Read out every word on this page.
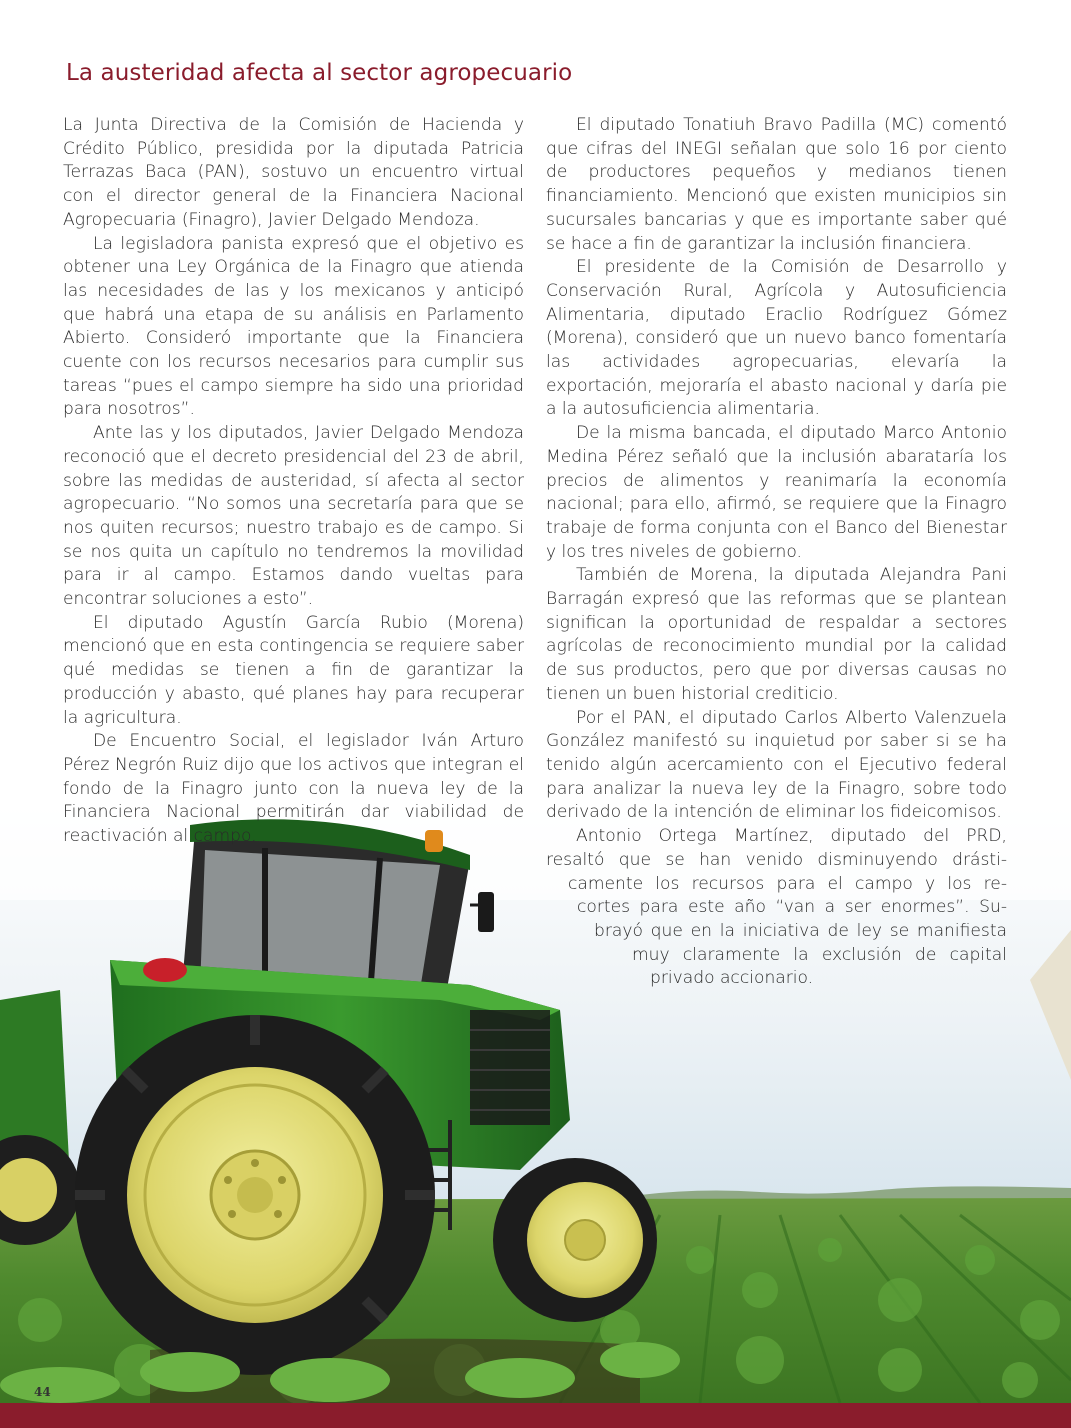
La austeridad afecta al sector agropecuario

La Junta Directiva de la Comisión de Hacienda y Crédito Público, presidida por la diputada Patricia Terrazas Baca (PAN), sostuvo un encuentro virtual con el director general de la Financiera Nacional Agropecuaria (Finagro), Javier Delgado Mendoza.

La legisladora panista expresó que el objetivo es obtener una Ley Orgánica de la Finagro que atienda las necesidades de las y los mexicanos y anticipó que habrá una etapa de su análisis en Parlamento Abierto. Consideró importante que la Financiera cuente con los recursos necesarios para cumplir sus tareas “pues el campo siempre ha sido una prioridad para nosotros”.

Ante las y los diputados, Javier Delgado Mendoza reconoció que el decreto presidencial del 23 de abril, sobre las medidas de austeridad, sí afecta al sector agropecuario. “No somos una secretaría para que se nos quiten recursos; nuestro trabajo es de campo. Si se nos quita un capítulo no tendremos la movilidad para ir al campo. Estamos dando vueltas para encontrar soluciones a esto”.

El diputado Agustín García Rubio (Morena) mencionó que en esta contingencia se requiere saber qué medidas se tienen a fin de garantizar la producción y abasto, qué planes hay para recuperar la agricultura.

De Encuentro Social, el legislador Iván Arturo Pérez Negrón Ruiz dijo que los activos que integran el fondo de la Finagro junto con la nueva ley de la Financiera Nacional permitirán dar viabilidad de reactivación al campo.

El diputado Tonatiuh Bravo Padilla (MC) comentó que cifras del INEGI señalan que solo 16 por ciento de productores pequeños y medianos tienen financiamiento. Mencionó que existen municipios sin sucursales bancarias y que es importante saber qué se hace a fin de garantizar la inclusión financiera.

El presidente de la Comisión de Desarrollo y Conservación Rural, Agrícola y Autosuficiencia Alimentaria, diputado Eraclio Rodríguez Gómez (Morena), consideró que un nuevo banco fomentaría las actividades agropecuarias, elevaría la exportación, mejoraría el abasto nacional y daría pie a la autosuficiencia alimentaria.

De la misma bancada, el diputado Marco Antonio Medina Pérez señaló que la inclusión abarataría los precios de alimentos y reanimaría la economía nacional; para ello, afirmó, se requiere que la Finagro trabaje de forma conjunta con el Banco del Bienestar y los tres niveles de gobierno.

También de Morena, la diputada Alejandra Pani Barragán expresó que las reformas que se plantean significan la oportunidad de respaldar a sectores agrícolas de reconocimiento mundial por la calidad de sus productos, pero que por diversas causas no tienen un buen historial crediticio.

Por el PAN, el diputado Carlos Alberto Valenzuela González manifestó su inquietud por saber si se ha tenido algún acercamiento con el Ejecutivo federal para analizar la nueva ley de la Finagro, sobre todo derivado de la intención de eliminar los fideicomisos.

Antonio Ortega Martínez, diputado del PRD,
resaltó que se han venido disminuyendo drásti-
camente los recursos para el campo y los re-
cortes para este año “van a ser enormes”. Su-
brayó que en la iniciativa de ley se manifiesta
muy claramente la exclusión de capital
privado accionario.
44
